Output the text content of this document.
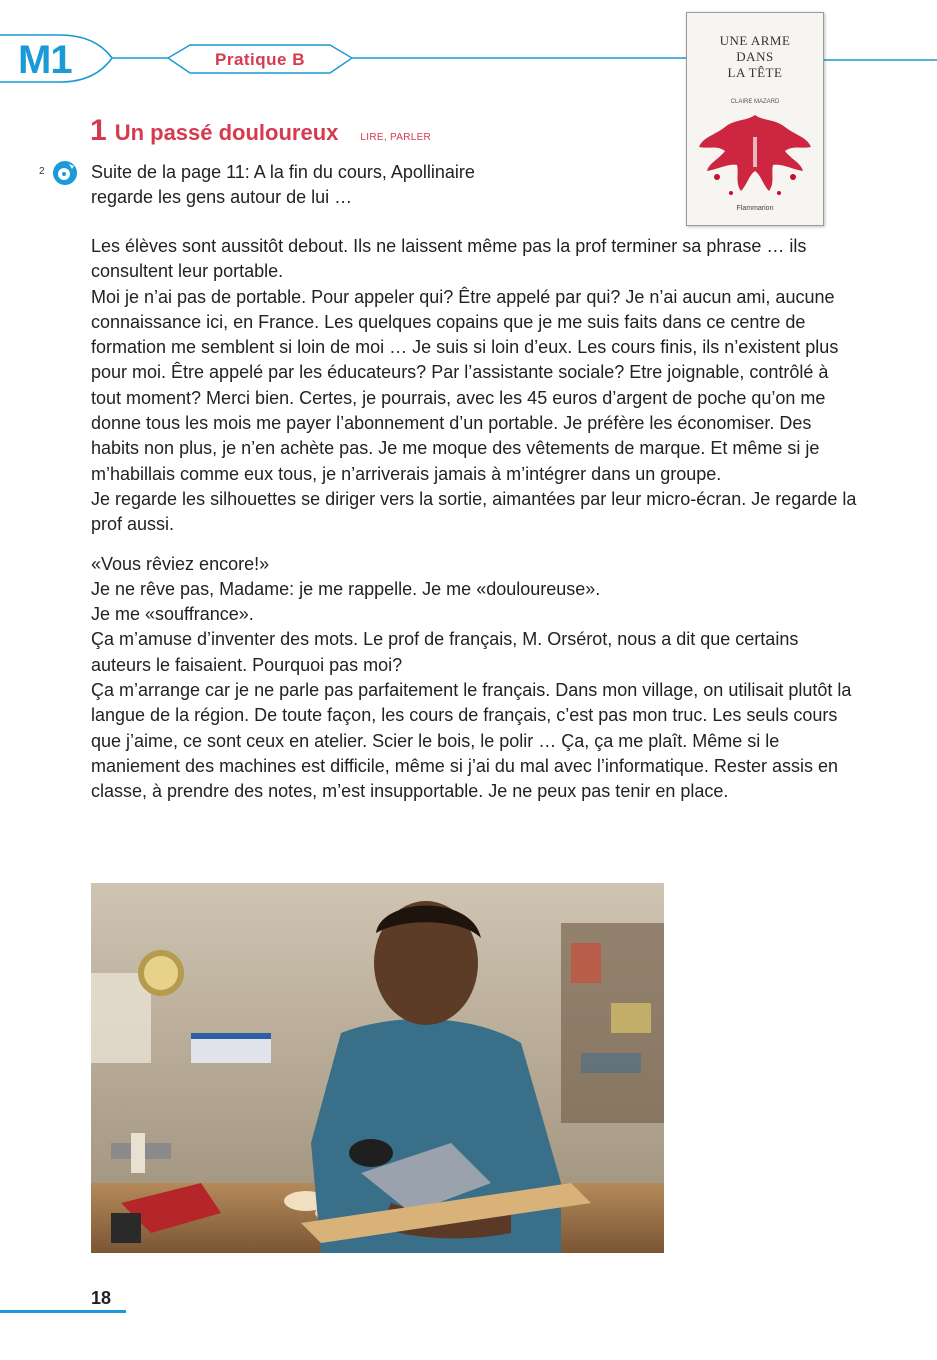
M1	Pratique B
UNE ARME
DANS
LA TÊTE
CLAIRE MAZARD
Flammarion
1 Un passé douloureux LIRE, PARLER
2	Suite de la page 11: A la fin du cours, Apollinaire regarde les gens autour de lui …

Les élèves sont aussitôt debout. Ils ne laissent même pas la prof terminer sa phrase … ils consultent leur portable.

Moi je n’ai pas de portable. Pour appeler qui? Être appelé par qui? Je n’ai aucun ami, aucune connaissance ici, en France. Les quelques copains que je me suis faits dans ce centre de formation me semblent si loin de moi … Je suis si loin d’eux. Les cours finis, ils n’existent plus pour moi. Être appelé par les éducateurs? Par l’assistante sociale? Etre joignable, contrôlé à tout moment? Merci bien. Certes, je pourrais, avec les 45 euros d’argent de poche qu’on me donne tous les mois me payer l’abonnement d’un portable. Je préfère les économiser. Des habits non plus, je n’en achète pas. Je me moque des vêtements de marque. Et même si je m’habillais comme eux tous, je n’arriverais jamais à m’intégrer dans un groupe.

Je regarde les silhouettes se diriger vers la sortie, aimantées par leur micro-écran. Je regarde la prof aussi.

«Vous rêviez encore!»

Je ne rêve pas, Madame: je me rappelle. Je me «douloureuse».

Je me «souffrance».

Ça m’amuse d’inventer des mots. Le prof de français, M. Orsérot, nous a dit que certains auteurs le faisaient. Pourquoi pas moi?

Ça m’arrange car je ne parle pas parfaitement le français. Dans mon village, on utilisait plutôt la langue de la région. De toute façon, les cours de français, c’est pas mon truc. Les seuls cours que j’aime, ce sont ceux en atelier. Scier le bois, le polir … Ça, ça me plaît. Même si le maniement des machines est difficile, même si j’ai du mal avec l’informatique. Rester assis en classe, à prendre des notes, m’est insupportable. Je ne peux pas tenir en place.

18
